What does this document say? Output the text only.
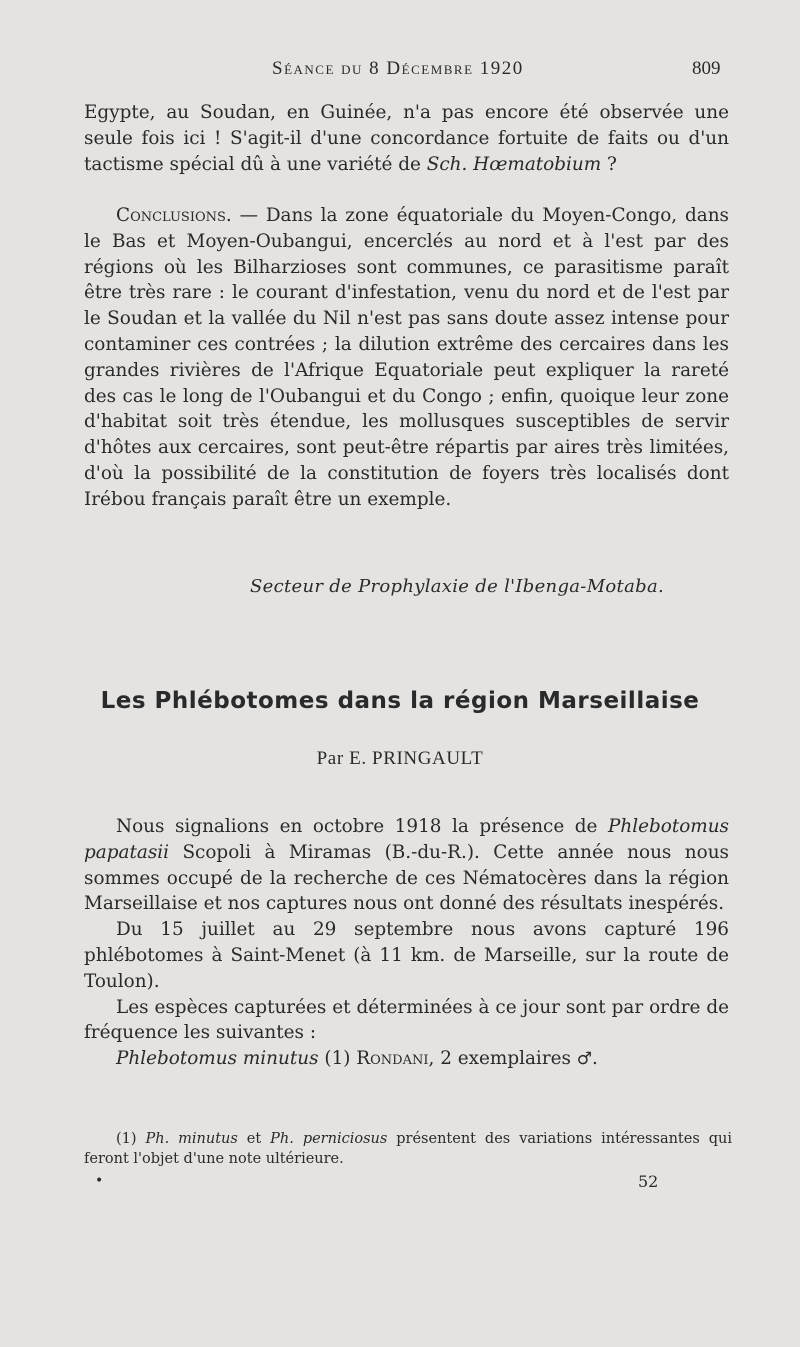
Séance du 8 Décembre 1920	809

Egypte, au Soudan, en Guinée, n'a pas encore été observée une seule fois ici ! S'agit-il d'une concordance fortuite de faits ou d'un tactisme spécial dû à une variété de Sch. Hœmatobium ?

Conclusions. — Dans la zone équatoriale du Moyen-Congo, dans le Bas et Moyen-Oubangui, encerclés au nord et à l'est par des régions où les Bilharzioses sont communes, ce parasitisme paraît être très rare : le courant d'infestation, venu du nord et de l'est par le Soudan et la vallée du Nil n'est pas sans doute assez intense pour contaminer ces contrées ; la dilution extrême des cercaires dans les grandes rivières de l'Afrique Equatoriale peut expliquer la rareté des cas le long de l'Oubangui et du Congo ; enfin, quoique leur zone d'habitat soit très étendue, les mollusques susceptibles de servir d'hôtes aux cercaires, sont peut-être répartis par aires très limitées, d'où la possibilité de la constitution de foyers très localisés dont Irébou français paraît être un exemple.

Secteur de Prophylaxie de l'Ibenga-Motaba.
Les Phlébotomes dans la région Marseillaise
Par E. PRINGAULT

Nous signalions en octobre 1918 la présence de Phlebotomus papatasii Scopoli à Miramas (B.-du-R.). Cette année nous nous sommes occupé de la recherche de ces Nématocères dans la région Marseillaise et nos captures nous ont donné des résultats inespérés.

Du 15 juillet au 29 septembre nous avons capturé 196 phlébotomes à Saint-Menet (à 11 km. de Marseille, sur la route de Toulon).

Les espèces capturées et déterminées à ce jour sont par ordre de fréquence les suivantes :

Phlebotomus minutus (1) Rondani, 2 exemplaires ♂.

(1) Ph. minutus et Ph. perniciosus présentent des variations intéressantes qui feront l'objet d'une note ultérieure.

•	52
